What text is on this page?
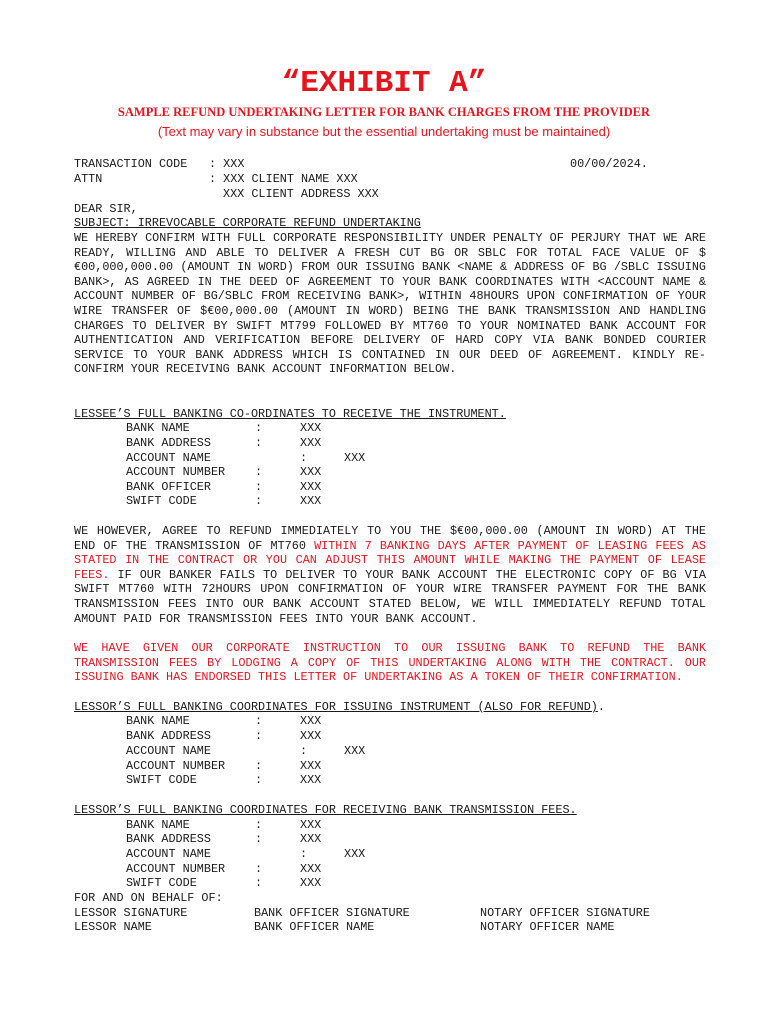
“EXHIBIT A”
SAMPLE REFUND UNDERTAKING LETTER FOR BANK CHARGES FROM THE PROVIDER
(Text may vary in substance but the essential undertaking must be maintained)
TRANSACTION CODE : XXX	00/00/2024.
ATTN	: XXX CLIENT NAME XXX
XXX CLIENT ADDRESS XXX
DEAR SIR,
SUBJECT: IRREVOCABLE CORPORATE REFUND UNDERTAKING

WE HEREBY CONFIRM WITH FULL CORPORATE RESPONSIBILITY UNDER PENALTY OF PERJURY THAT WE ARE READY, WILLING AND ABLE TO DELIVER A FRESH CUT BG OR SBLC FOR TOTAL FACE VALUE OF $€00,000,000.00 (AMOUNT IN WORD) FROM OUR ISSUING BANK <NAME & ADDRESS OF BG /SBLC ISSUING BANK>, AS AGREED IN THE DEED OF AGREEMENT TO YOUR BANK COORDINATES WITH <ACCOUNT NAME & ACCOUNT NUMBER OF BG/SBLC FROM RECEIVING BANK>, WITHIN 48HOURS UPON CONFIRMATION OF YOUR WIRE TRANSFER OF $€00,000.00 (AMOUNT IN WORD) BEING THE BANK TRANSMISSION AND HANDLING CHARGES TO DELIVER BY SWIFT MT799 FOLLOWED BY MT760 TO YOUR NOMINATED BANK ACCOUNT FOR AUTHENTICATION AND VERIFICATION BEFORE DELIVERY OF HARD COPY VIA BANK BONDED COURIER SERVICE TO YOUR BANK ADDRESS WHICH IS CONTAINED IN OUR DEED OF AGREEMENT. KINDLY RE-CONFIRM YOUR RECEIVING BANK ACCOUNT INFORMATION BELOW.

LESSEE’S FULL BANKING CO-ORDINATES TO RECEIVE THE INSTRUMENT.
BANK NAME	:	XXX
BANK ADDRESS	:	XXX
ACCOUNT NAME	:	XXX
ACCOUNT NUMBER	:	XXX
BANK OFFICER	:	XXX
SWIFT CODE	:	XXX

WE HOWEVER, AGREE TO REFUND IMMEDIATELY TO YOU THE $€00,000.00 (AMOUNT IN WORD) AT THE END OF THE TRANSMISSION OF MT760 WITHIN 7 BANKING DAYS AFTER PAYMENT OF LEASING FEES AS STATED IN THE CONTRACT OR YOU CAN ADJUST THIS AMOUNT WHILE MAKING THE PAYMENT OF LEASE FEES. IF OUR BANKER FAILS TO DELIVER TO YOUR BANK ACCOUNT THE ELECTRONIC COPY OF BG VIA SWIFT MT760 WITH 72HOURS UPON CONFIRMATION OF YOUR WIRE TRANSFER PAYMENT FOR THE BANK TRANSMISSION FEES INTO OUR BANK ACCOUNT STATED BELOW, WE WILL IMMEDIATELY REFUND TOTAL AMOUNT PAID FOR TRANSMISSION FEES INTO YOUR BANK ACCOUNT.

WE HAVE GIVEN OUR CORPORATE INSTRUCTION TO OUR ISSUING BANK TO REFUND THE BANK TRANSMISSION FEES BY LODGING A COPY OF THIS UNDERTAKING ALONG WITH THE CONTRACT. OUR ISSUING BANK HAS ENDORSED THIS LETTER OF UNDERTAKING AS A TOKEN OF THEIR CONFIRMATION.

LESSOR’S FULL BANKING COORDINATES FOR ISSUING INSTRUMENT (ALSO FOR REFUND).
BANK NAME	:	XXX
BANK ADDRESS	:	XXX
ACCOUNT NAME	:	XXX
ACCOUNT NUMBER	:	XXX
SWIFT CODE	:	XXX
LESSOR’S FULL BANKING COORDINATES FOR RECEIVING BANK TRANSMISSION FEES.
BANK NAME	:	XXX
BANK ADDRESS	:	XXX
ACCOUNT NAME	:	XXX
ACCOUNT NUMBER	:	XXX
SWIFT CODE	:	XXX
FOR AND ON BEHALF OF:
LESSOR SIGNATURE	BANK OFFICER SIGNATURE	NOTARY OFFICER SIGNATURE
LESSOR NAME	BANK OFFICER NAME	NOTARY OFFICER NAME
